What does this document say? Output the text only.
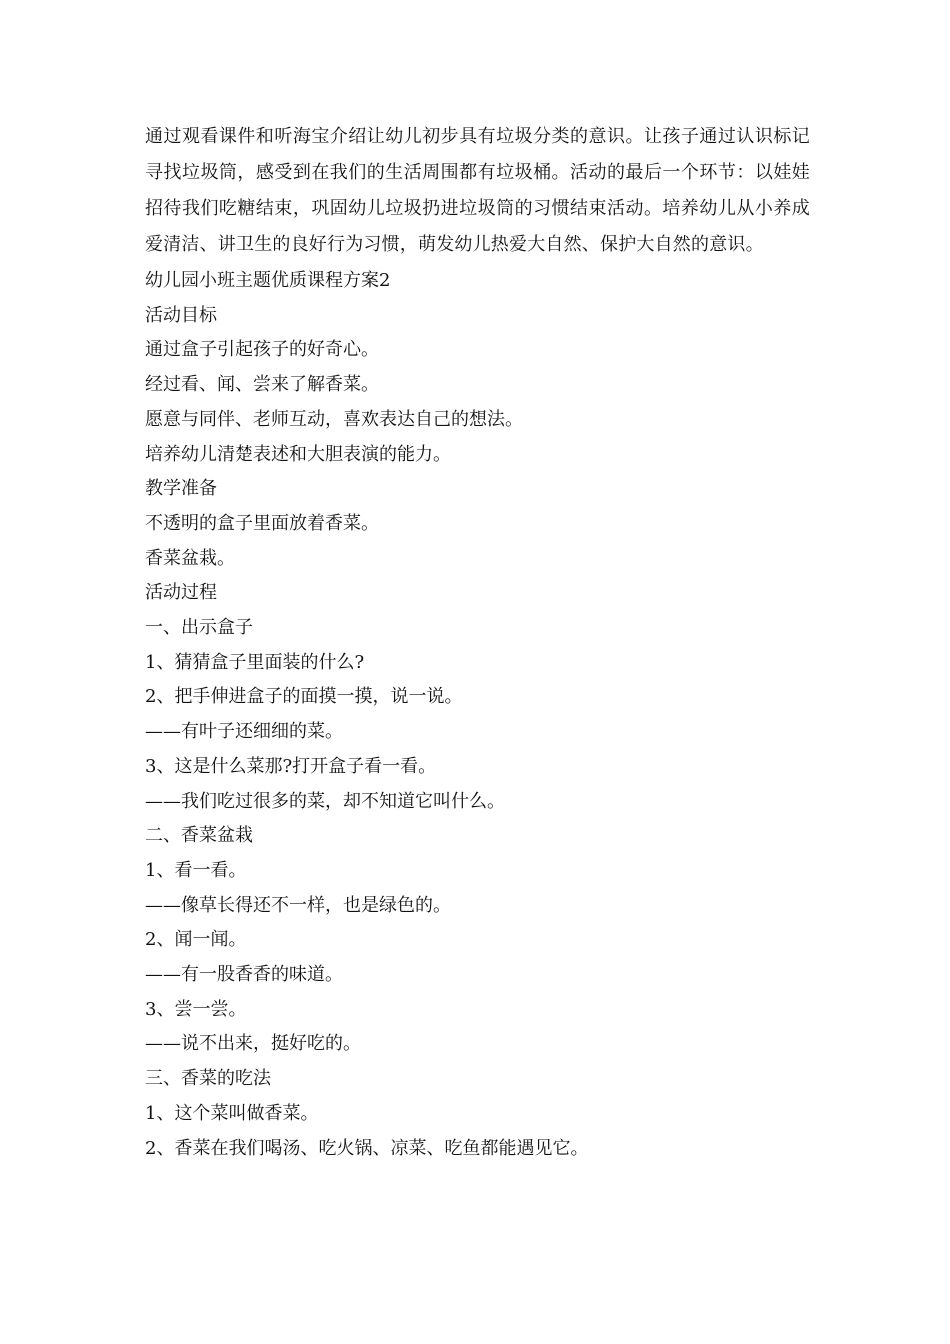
通过观看课件和听海宝介绍让幼儿初步具有垃圾分类的意识。让孩子通过认识标记寻找垃圾筒，感受到在我们的生活周围都有垃圾桶。活动的最后一个环节：以娃娃招待我们吃糖结束，巩固幼儿垃圾扔进垃圾筒的习惯结束活动。培养幼儿从小养成爱清洁、讲卫生的良好行为习惯，萌发幼儿热爱大自然、保护大自然的意识。

幼儿园小班主题优质课程方案2

活动目标

通过盒子引起孩子的好奇心。

经过看、闻、尝来了解香菜。

愿意与同伴、老师互动，喜欢表达自己的想法。

培养幼儿清楚表述和大胆表演的能力。

教学准备

不透明的盒子里面放着香菜。

香菜盆栽。

活动过程

一、出示盒子

1、猜猜盒子里面装的什么?

2、把手伸进盒子的面摸一摸，说一说。

——有叶子还细细的菜。

3、这是什么菜那?打开盒子看一看。

——我们吃过很多的菜，却不知道它叫什么。

二、香菜盆栽

1、看一看。

——像草长得还不一样，也是绿色的。

2、闻一闻。

——有一股香香的味道。

3、尝一尝。

——说不出来，挺好吃的。

三、香菜的吃法

1、这个菜叫做香菜。

2、香菜在我们喝汤、吃火锅、凉菜、吃鱼都能遇见它。
